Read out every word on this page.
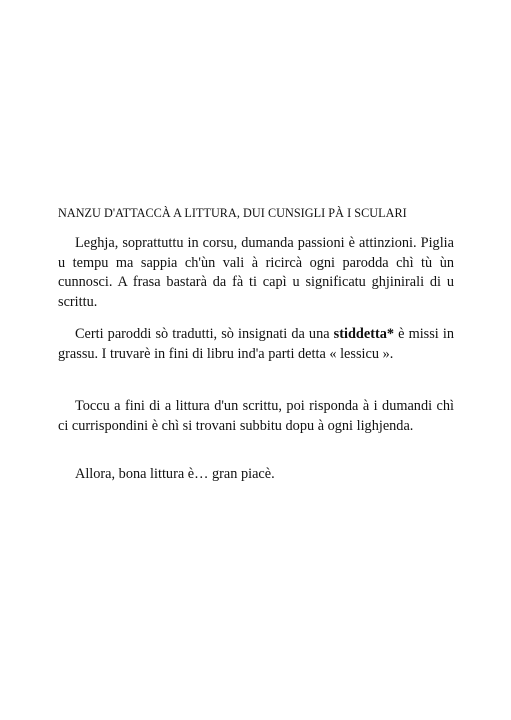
NANZU D'ATTACCÀ A LITTURA, DUI CUNSIGLI PÀ I SCULARI

Leghja, soprattuttu in corsu, dumanda passioni è attinzioni. Piglia u tempu ma sappia ch'ùn vali à ricircà ogni parodda chì tù ùn cunnosci. A frasa bastarà da fà ti capì u significatu ghjinirali di u scrittu.

Certi paroddi sò tradutti, sò insignati da una stiddetta* è missi in grassu. I truvarè in fini di libru ind'a parti detta « lessicu ».

Toccu a fini di a littura d'un scrittu, poi risponda à i dumandi chì ci currispondini è chì si trovani subbitu dopu à ogni lighjenda.

Allora, bona littura è… gran piacè.
